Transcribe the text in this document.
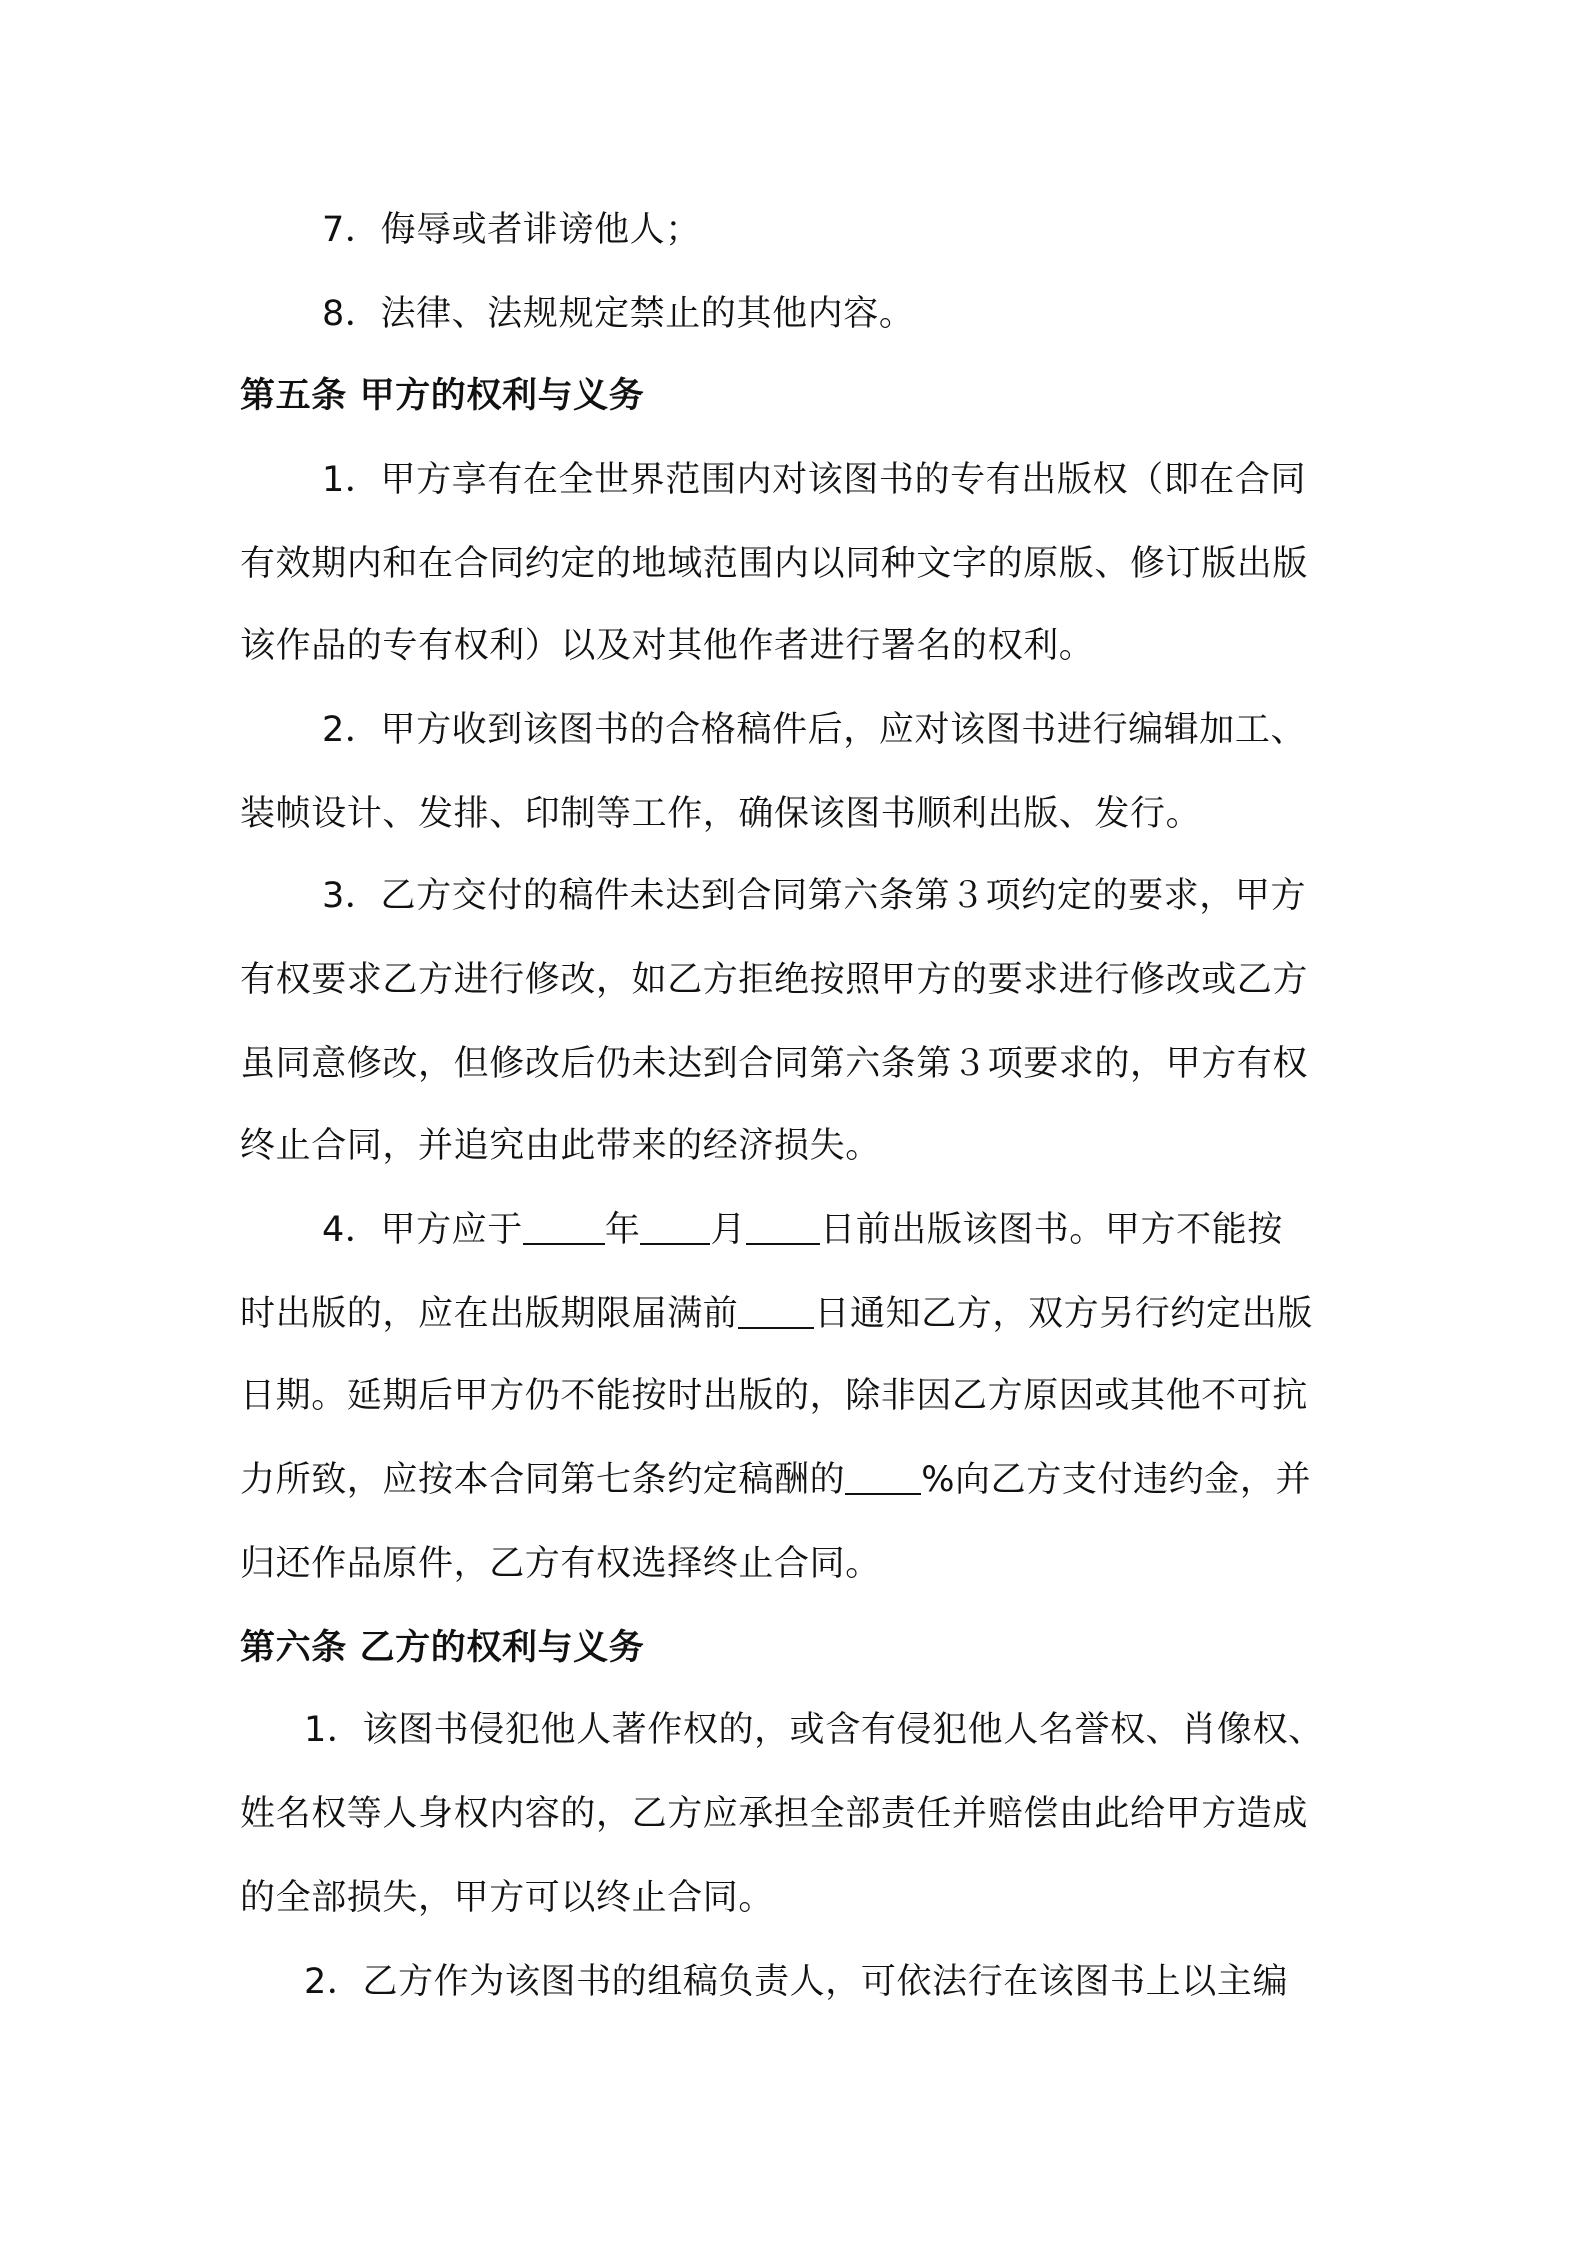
7．侮辱或者诽谤他人；
8．法律、法规规定禁止的其他内容。
第五条 甲方的权利与义务
1．甲方享有在全世界范围内对该图书的专有出版权（即在合同
有效期内和在合同约定的地域范围内以同种文字的原版、修订版出版
该作品的专有权利）以及对其他作者进行署名的权利。
2．甲方收到该图书的合格稿件后，应对该图书进行编辑加工、
装帧设计、发排、印制等工作，确保该图书顺利出版、发行。
3．乙方交付的稿件未达到合同第六条第３项约定的要求，甲方
有权要求乙方进行修改，如乙方拒绝按照甲方的要求进行修改或乙方
虽同意修改，但修改后仍未达到合同第六条第３项要求的，甲方有权
终止合同，并追究由此带来的经济损失。
4．甲方应于 年 月 日前出版该图书。甲方不能按
时出版的，应在出版期限届满前 日通知乙方，双方另行约定出版
日期。延期后甲方仍不能按时出版的，除非因乙方原因或其他不可抗
力所致，应按本合同第七条约定稿酬的 %向乙方支付违约金，并
归还作品原件，乙方有权选择终止合同。
第六条 乙方的权利与义务
1．该图书侵犯他人著作权的，或含有侵犯他人名誉权、肖像权、
姓名权等人身权内容的，乙方应承担全部责任并赔偿由此给甲方造成
的全部损失，甲方可以终止合同。
2．乙方作为该图书的组稿负责人，可依法行在该图书上以主编
